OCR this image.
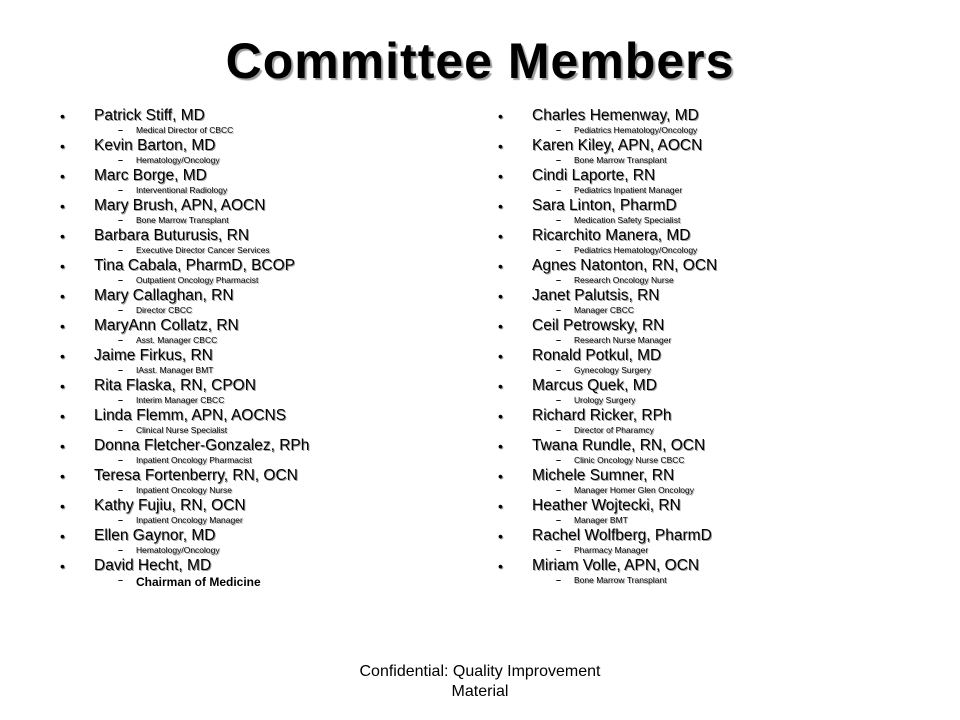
Committee Members
• Patrick Stiff, MD
– Medical Director of CBCC
• Kevin Barton, MD
– Hematology/Oncology
• Marc Borge, MD
– Interventional Radiology
• Mary Brush, APN, AOCN
– Bone Marrow Transplant
• Barbara Buturusis, RN
– Executive Director Cancer Services
• Tina Cabala, PharmD, BCOP
– Outpatient Oncology Pharmacist
• Mary Callaghan, RN
– Director CBCC
• MaryAnn Collatz, RN
– Asst. Manager CBCC
• Jaime Firkus, RN
– IAsst. Manager BMT
• Rita Flaska, RN, CPON
– Interim Manager CBCC
• Linda Flemm, APN, AOCNS
– Clinical Nurse Specialist
• Donna Fletcher-Gonzalez, RPh
– Inpatient Oncology Pharmacist
• Teresa Fortenberry, RN, OCN
– Inpatient Oncology Nurse
• Kathy Fujiu, RN, OCN
– Inpatient Oncology Manager
• Ellen Gaynor, MD
– Hematology/Oncology
• David Hecht, MD
– Chairman of Medicine
• Charles Hemenway, MD
– Pediatrics Hematology/Oncology
• Karen Kiley, APN, AOCN
– Bone Marrow Transplant
• Cindi Laporte, RN
– Pediatrics Inpatient Manager
• Sara Linton, PharmD
– Medication Safety Specialist
• Ricarchito Manera, MD
– Pediatrics Hematology/Oncology
• Agnes Natonton, RN, OCN
– Research Oncology Nurse
• Janet Palutsis, RN
– Manager CBCC
• Ceil Petrowsky, RN
– Research Nurse Manager
• Ronald Potkul, MD
– Gynecology Surgery
• Marcus Quek, MD
– Urology Surgery
• Richard Ricker, RPh
– Director of Pharamcy
• Twana Rundle, RN, OCN
– Clinic Oncology Nurse CBCC
• Michele Sumner, RN
– Manager Homer Glen Oncology
• Heather Wojtecki, RN
– Manager BMT
• Rachel Wolfberg, PharmD
– Pharmacy Manager
• Miriam Volle, APN, OCN
– Bone Marrow Transplant
Confidential: Quality Improvement
Material
